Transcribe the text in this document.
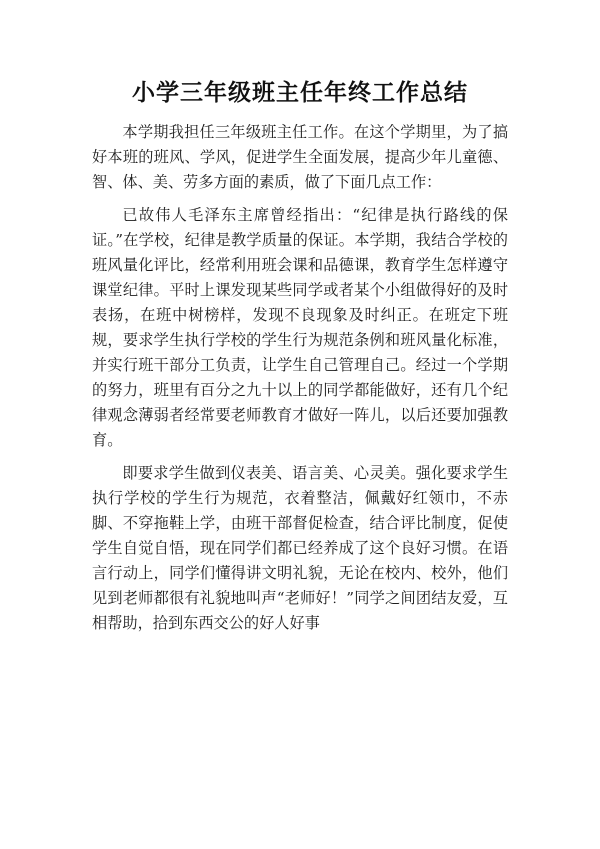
小学三年级班主任年终工作总结

本学期我担任三年级班主任工作。在这个学期里，为了搞好本班的班风、学风，促进学生全面发展，提高少年儿童德、智、体、美、劳多方面的素质，做了下面几点工作：

已故伟人毛泽东主席曾经指出：“纪律是执行路线的保证。”在学校，纪律是教学质量的保证。本学期，我结合学校的班风量化评比，经常利用班会课和品德课，教育学生怎样遵守课堂纪律。平时上课发现某些同学或者某个小组做得好的及时表扬，在班中树榜样，发现不良现象及时纠正。在班定下班规，要求学生执行学校的学生行为规范条例和班风量化标准，并实行班干部分工负责，让学生自己管理自己。经过一个学期的努力，班里有百分之九十以上的同学都能做好，还有几个纪律观念薄弱者经常要老师教育才做好一阵儿，以后还要加强教育。

即要求学生做到仪表美、语言美、心灵美。强化要求学生执行学校的学生行为规范，衣着整洁，佩戴好红领巾，不赤脚、不穿拖鞋上学，由班干部督促检查，结合评比制度，促使学生自觉自悟，现在同学们都已经养成了这个良好习惯。在语言行动上，同学们懂得讲文明礼貌，无论在校内、校外，他们见到老师都很有礼貌地叫声“老师好！”同学之间团结友爱，互相帮助，拾到东西交公的好人好事
